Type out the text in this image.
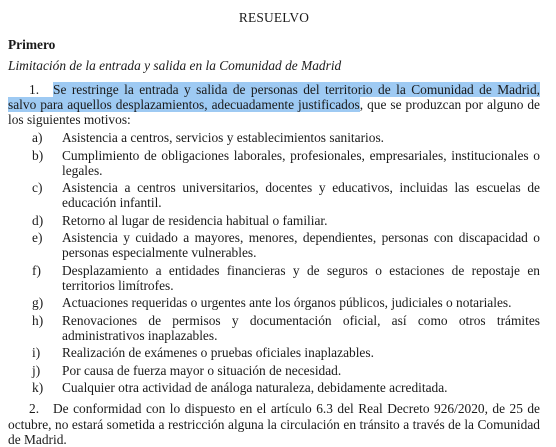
RESUELVO
Primero
Limitación de la entrada y salida en la Comunidad de Madrid
1. Se restringe la entrada y salida de personas del territorio de la Comunidad de Madrid, salvo para aquellos desplazamientos, adecuadamente justificados, que se produzcan por alguno de los siguientes motivos:
a)	Asistencia a centros, servicios y establecimientos sanitarios.
b)	Cumplimiento de obligaciones laborales, profesionales, empresariales, institucionales o legales.
c)	Asistencia a centros universitarios, docentes y educativos, incluidas las escuelas de educación infantil.
d)	Retorno al lugar de residencia habitual o familiar.
e)	Asistencia y cuidado a mayores, menores, dependientes, personas con discapacidad o personas especialmente vulnerables.
f)	Desplazamiento a entidades financieras y de seguros o estaciones de repostaje en territorios limítrofes.
g)	Actuaciones requeridas o urgentes ante los órganos públicos, judiciales o notariales.
h)	Renovaciones de permisos y documentación oficial, así como otros trámites administrativos inaplazables.
i)	Realización de exámenes o pruebas oficiales inaplazables.
j)	Por causa de fuerza mayor o situación de necesidad.
k)	Cualquier otra actividad de análoga naturaleza, debidamente acreditada.
2. De conformidad con lo dispuesto en el artículo 6.3 del Real Decreto 926/2020, de 25 de octubre, no estará sometida a restricción alguna la circulación en tránsito a través de la Comunidad de Madrid.
